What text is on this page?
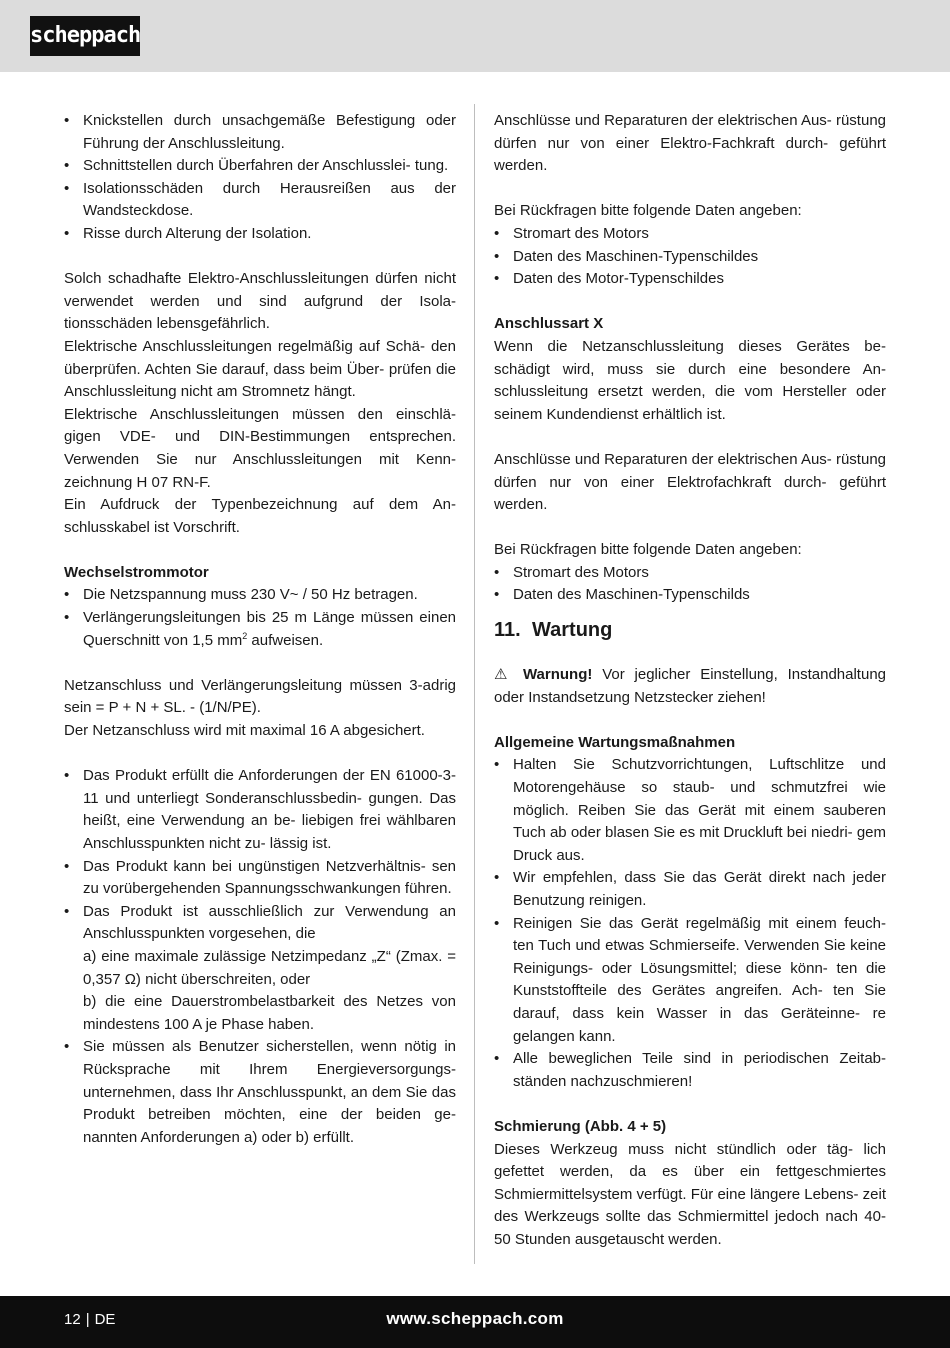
scheppach
• Knickstellen durch unsachgemäße Befestigung oder Führung der Anschlussleitung.
• Schnittstellen durch Überfahren der Anschlusslei- tung.
• Isolationsschäden durch Herausreißen aus der Wandsteckdose.
• Risse durch Alterung der Isolation.

Solch schadhafte Elektro-Anschlussleitungen dürfen nicht verwendet werden und sind aufgrund der Isola- tionsschäden lebensgefährlich.

Elektrische Anschlussleitungen regelmäßig auf Schä- den überprüfen. Achten Sie darauf, dass beim Über- prüfen die Anschlussleitung nicht am Stromnetz hängt.

Elektrische Anschlussleitungen müssen den einschlä- gigen VDE- und DIN-Bestimmungen entsprechen. Verwenden Sie nur Anschlussleitungen mit Kenn- zeichnung H 07 RN-F.

Ein Aufdruck der Typenbezeichnung auf dem An- schlusskabel ist Vorschrift.

Wechselstrommotor

• Die Netzspannung muss 230 V~ / 50 Hz betragen.
• Verlängerungsleitungen bis 25 m Länge müssen einen Querschnitt von 1,5 $mm^2$ aufweisen.

Netzanschluss und Verlängerungsleitung müssen 3-adrig sein = P + N + SL. - (1/N/PE).

Der Netzanschluss wird mit maximal 16 A abgesichert.

• Das Produkt erfüllt die Anforderungen der EN 61000-3-11 und unterliegt Sonderanschlussbedin- gungen. Das heißt, eine Verwendung an be- liebigen frei wählbaren Anschlusspunkten nicht zu- lässig ist.
• Das Produkt kann bei ungünstigen Netzverhältnis- sen zu vorübergehenden Spannungsschwankungen führen.
• Das Produkt ist ausschließlich zur Verwendung an Anschlusspunkten vorgesehen, die
a) eine maximale zulässige Netzimpedanz „Z“ (Zmax. = 0,357 Ω) nicht überschreiten, oder
b) die eine Dauerstrombelastbarkeit des Netzes von mindestens 100 A je Phase haben.
• Sie müssen als Benutzer sicherstellen, wenn nötig in Rücksprache mit Ihrem Energieversorgungs- unternehmen, dass Ihr Anschlusspunkt, an dem Sie das Produkt betreiben möchten, eine der beiden ge- nannten Anforderungen a) oder b) erfüllt.

Anschlüsse und Reparaturen der elektrischen Aus- rüstung dürfen nur von einer Elektro-Fachkraft durch- geführt werden.

Bei Rückfragen bitte folgende Daten angeben:

• Stromart des Motors
• Daten des Maschinen-Typenschildes
• Daten des Motor-Typenschildes

Anschlussart X

Wenn die Netzanschlussleitung dieses Gerätes be- schädigt wird, muss sie durch eine besondere An- schlussleitung ersetzt werden, die vom Hersteller oder seinem Kundendienst erhältlich ist.

Anschlüsse und Reparaturen der elektrischen Aus- rüstung dürfen nur von einer Elektrofachkraft durch- geführt werden.

Bei Rückfragen bitte folgende Daten angeben:

• Stromart des Motors
• Daten des Maschinen-Typenschilds
11. Wartung

⚠ Warnung! Vor jeglicher Einstellung, Instandhaltung oder Instandsetzung Netzstecker ziehen!

Allgemeine Wartungsmaßnahmen

• Halten Sie Schutzvorrichtungen, Luftschlitze und Motorengehäuse so staub- und schmutzfrei wie möglich. Reiben Sie das Gerät mit einem sauberen Tuch ab oder blasen Sie es mit Druckluft bei niedri- gem Druck aus.
• Wir empfehlen, dass Sie das Gerät direkt nach jeder Benutzung reinigen.
• Reinigen Sie das Gerät regelmäßig mit einem feuch- ten Tuch und etwas Schmierseife. Verwenden Sie keine Reinigungs- oder Lösungsmittel; diese könn- ten die Kunststoffteile des Gerätes angreifen. Ach- ten Sie darauf, dass kein Wasser in das Geräteinne- re gelangen kann.
• Alle beweglichen Teile sind in periodischen Zeitab- ständen nachzuschmieren!

Schmierung (Abb. 4 + 5)

Dieses Werkzeug muss nicht stündlich oder täg- lich gefettet werden, da es über ein fettgeschmiertes Schmiermittelsystem verfügt. Für eine längere Lebens- zeit des Werkzeugs sollte das Schmiermittel jedoch nach 40-50 Stunden ausgetauscht werden.

12 | DE	www.scheppach.com
